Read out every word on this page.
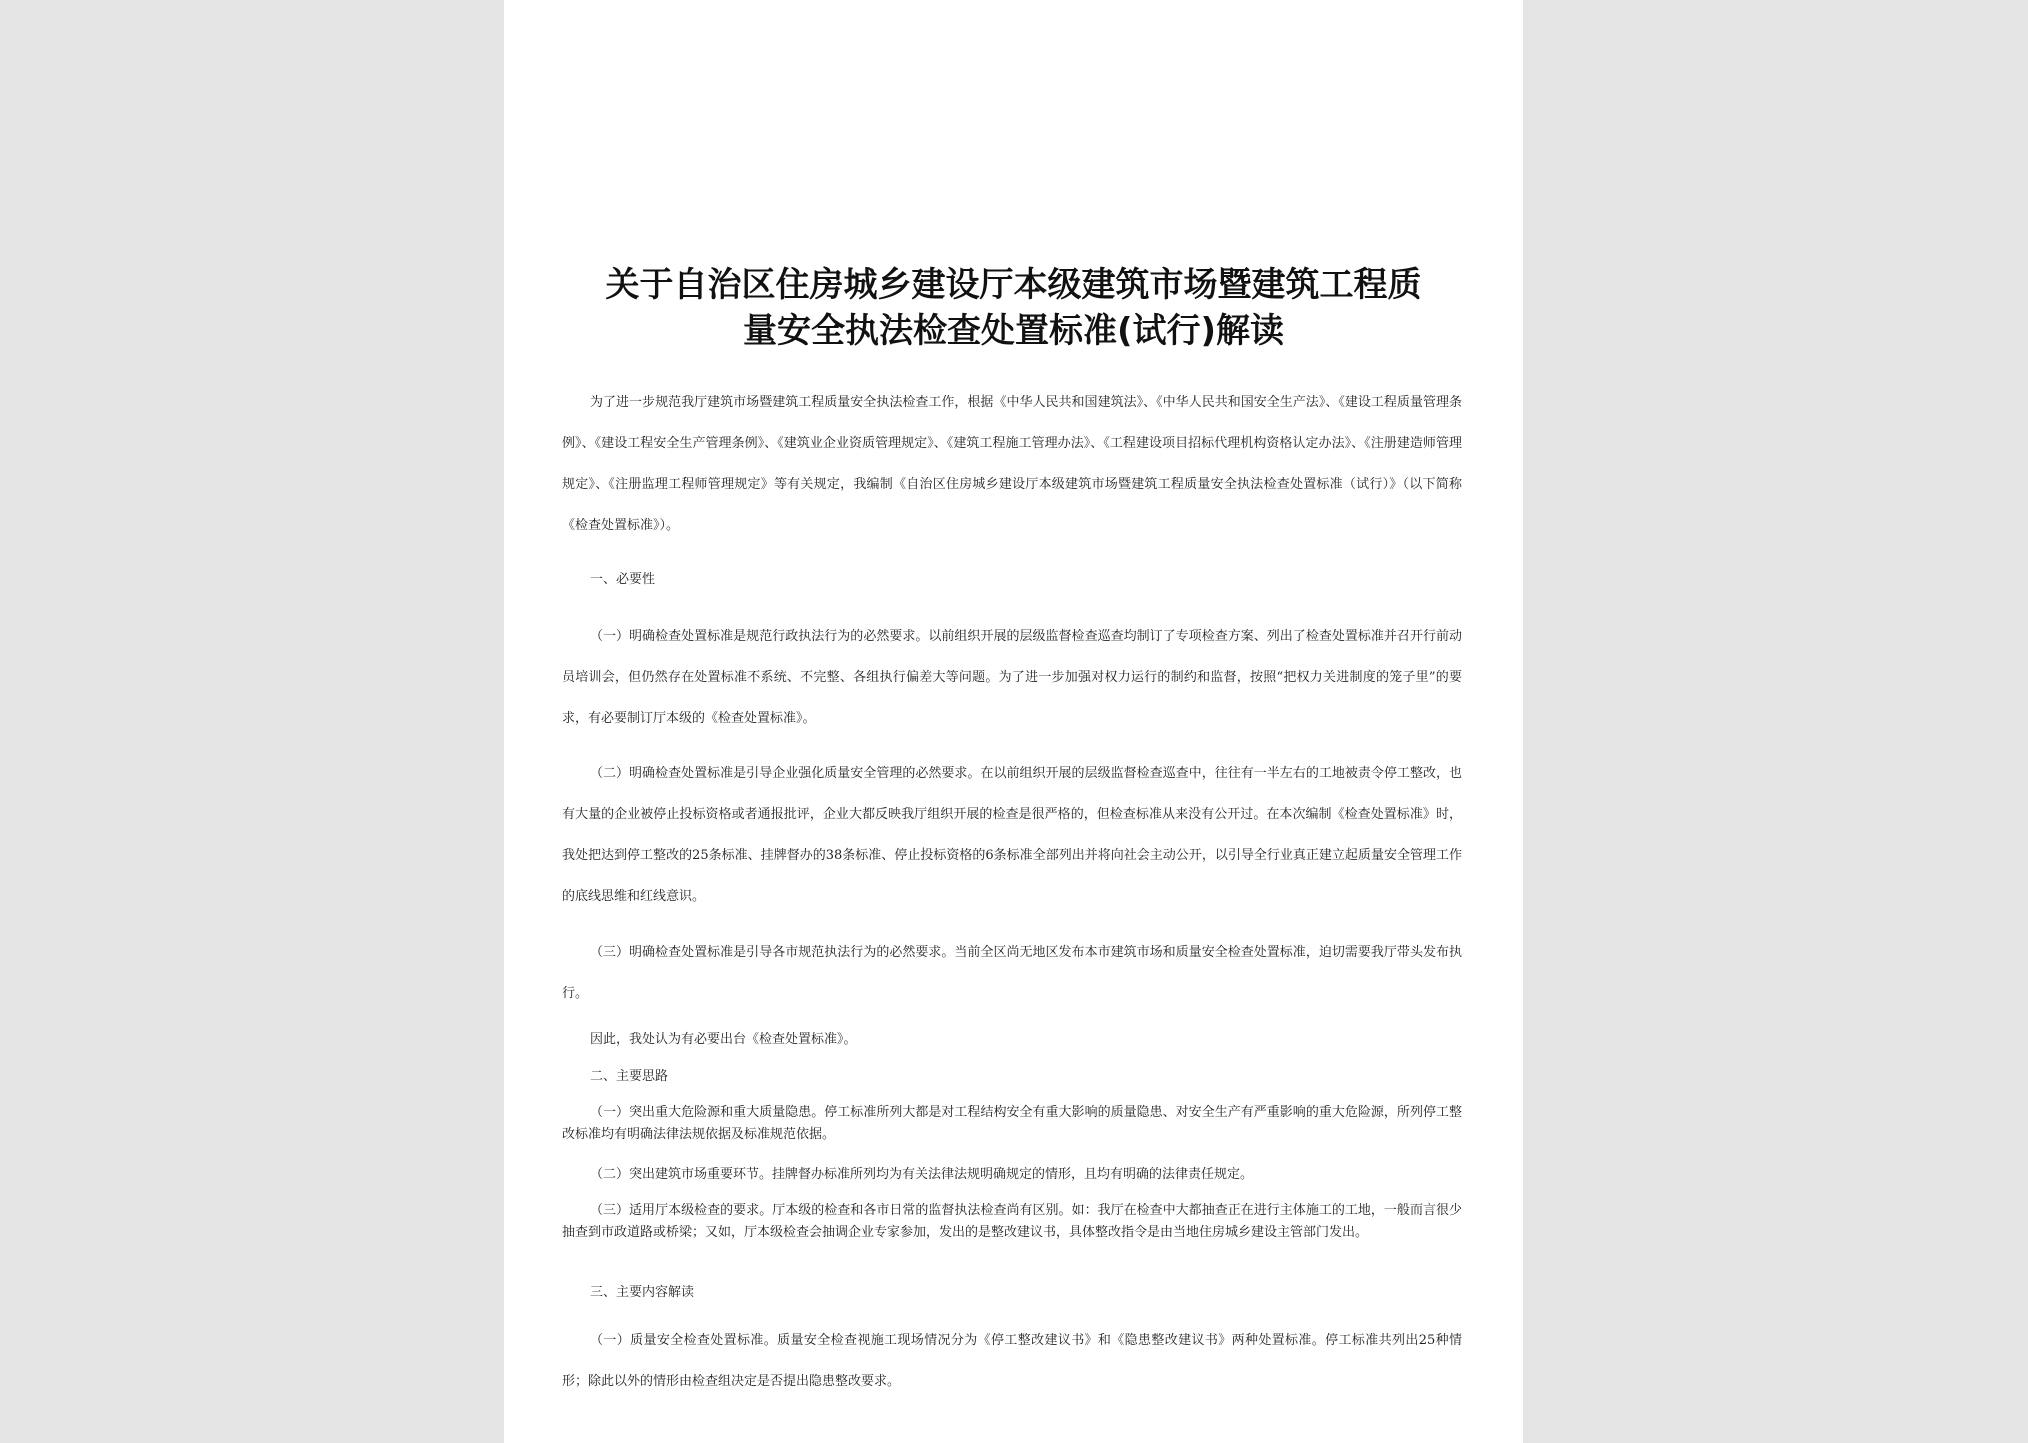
关于自治区住房城乡建设厅本级建筑市场暨建筑工程质
量安全执法检查处置标准(试行)解读

为了进一步规范我厅建筑市场暨建筑工程质量安全执法检查工作，根据《中华人民共和国建筑法》、《中华人民共和国安全生产法》、《建设工程质量管理条例》、《建设工程安全生产管理条例》、《建筑业企业资质管理规定》、《建筑工程施工管理办法》、《工程建设项目招标代理机构资格认定办法》、《注册建造师管理规定》、《注册监理工程师管理规定》等有关规定，我编制《自治区住房城乡建设厅本级建筑市场暨建筑工程质量安全执法检查处置标准（试行）》（以下简称《检查处置标准》）。

一、必要性

（一）明确检查处置标准是规范行政执法行为的必然要求。以前组织开展的层级监督检查巡查均制订了专项检查方案、列出了检查处置标准并召开行前动员培训会，但仍然存在处置标准不系统、不完整、各组执行偏差大等问题。为了进一步加强对权力运行的制约和监督，按照“把权力关进制度的笼子里”的要求，有必要制订厅本级的《检查处置标准》。

（二）明确检查处置标准是引导企业强化质量安全管理的必然要求。在以前组织开展的层级监督检查巡查中，往往有一半左右的工地被责令停工整改，也有大量的企业被停止投标资格或者通报批评，企业大都反映我厅组织开展的检查是很严格的，但检查标准从来没有公开过。在本次编制《检查处置标准》时，我处把达到停工整改的25条标准、挂牌督办的38条标准、停止投标资格的6条标准全部列出并将向社会主动公开，以引导全行业真正建立起质量安全管理工作的底线思维和红线意识。

（三）明确检查处置标准是引导各市规范执法行为的必然要求。当前全区尚无地区发布本市建筑市场和质量安全检查处置标准，迫切需要我厅带头发布执行。

因此，我处认为有必要出台《检查处置标准》。

二、主要思路

（一）突出重大危险源和重大质量隐患。停工标准所列大都是对工程结构安全有重大影响的质量隐患、对安全生产有严重影响的重大危险源，所列停工整改标准均有明确法律法规依据及标准规范依据。

（二）突出建筑市场重要环节。挂牌督办标准所列均为有关法律法规明确规定的情形，且均有明确的法律责任规定。

（三）适用厅本级检查的要求。厅本级的检查和各市日常的监督执法检查尚有区别。如：我厅在检查中大都抽查正在进行主体施工的工地，一般而言很少抽查到市政道路或桥梁；又如，厅本级检查会抽调企业专家参加，发出的是整改建议书，具体整改指令是由当地住房城乡建设主管部门发出。

三、主要内容解读

（一）质量安全检查处置标准。质量安全检查视施工现场情况分为《停工整改建议书》和《隐患整改建议书》两种处置标准。停工标准共列出25种情形；除此以外的情形由检查组决定是否提出隐患整改要求。
